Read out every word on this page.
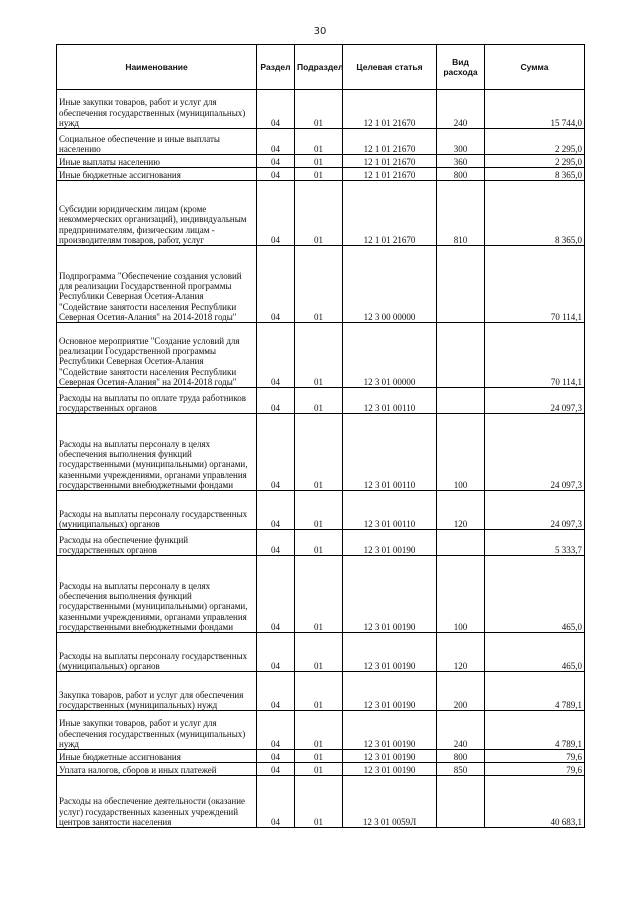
30
Наименование	Раздел	Подраздел	Целевая статья	Вид расхода	Сумма
Иные закупки товаров, работ и услуг для обеспечения государственных (муниципальных) нужд	04	01	12 1 01 21670	240	15 744,0
Социальное обеспечение и иные выплаты населению	04	01	12 1 01 21670	300	2 295,0
Иные выплаты населению	04	01	12 1 01 21670	360	2 295,0
Иные бюджетные ассигнования	04	01	12 1 01 21670	800	8 365,0
Субсидии юридическим лицам (кроме некоммерческих организаций), индивидуальным предпринимателям, физическим лицам - производителям товаров, работ, услуг	04	01	12 1 01 21670	810	8 365,0
Подпрограмма "Обеспечение создания условий для реализации Государственной программы Республики Северная Осетия-Алания "Содействие занятости населения Республики Северная Осетия-Алания" на 2014-2018 годы"	04	01	12 3 00 00000		70 114,1
Основное мероприятие "Создание условий для реализации Государственной программы Республики Северная Осетия-Алания "Содействие занятости населения Республики Северная Осетия-Алания" на 2014-2018 годы"	04	01	12 3 01 00000		70 114,1
Расходы на выплаты по оплате труда работников государственных органов	04	01	12 3 01 00110		24 097,3
Расходы на выплаты персоналу в целях обеспечения выполнения функций государственными (муниципальными) органами, казенными учреждениями, органами управления государственными внебюджетными фондами	04	01	12 3 01 00110	100	24 097,3
Расходы на выплаты персоналу государственных (муниципальных) органов	04	01	12 3 01 00110	120	24 097,3
Расходы на обеспечение функций государственных органов	04	01	12 3 01 00190		5 333,7
Расходы на выплаты персоналу в целях обеспечения выполнения функций государственными (муниципальными) органами, казенными учреждениями, органами управления государственными внебюджетными фондами	04	01	12 3 01 00190	100	465,0
Расходы на выплаты персоналу государственных (муниципальных) органов	04	01	12 3 01 00190	120	465,0
Закупка товаров, работ и услуг для обеспечения государственных (муниципальных) нужд	04	01	12 3 01 00190	200	4 789,1
Иные закупки товаров, работ и услуг для обеспечения государственных (муниципальных) нужд	04	01	12 3 01 00190	240	4 789,1
Иные бюджетные ассигнования	04	01	12 3 01 00190	800	79,6
Уплата налогов, сборов и иных платежей	04	01	12 3 01 00190	850	79,6
Расходы на обеспечение деятельности (оказание услуг) государственных казенных учреждений центров занятости населения	04	01	12 3 01 0059Л		40 683,1
